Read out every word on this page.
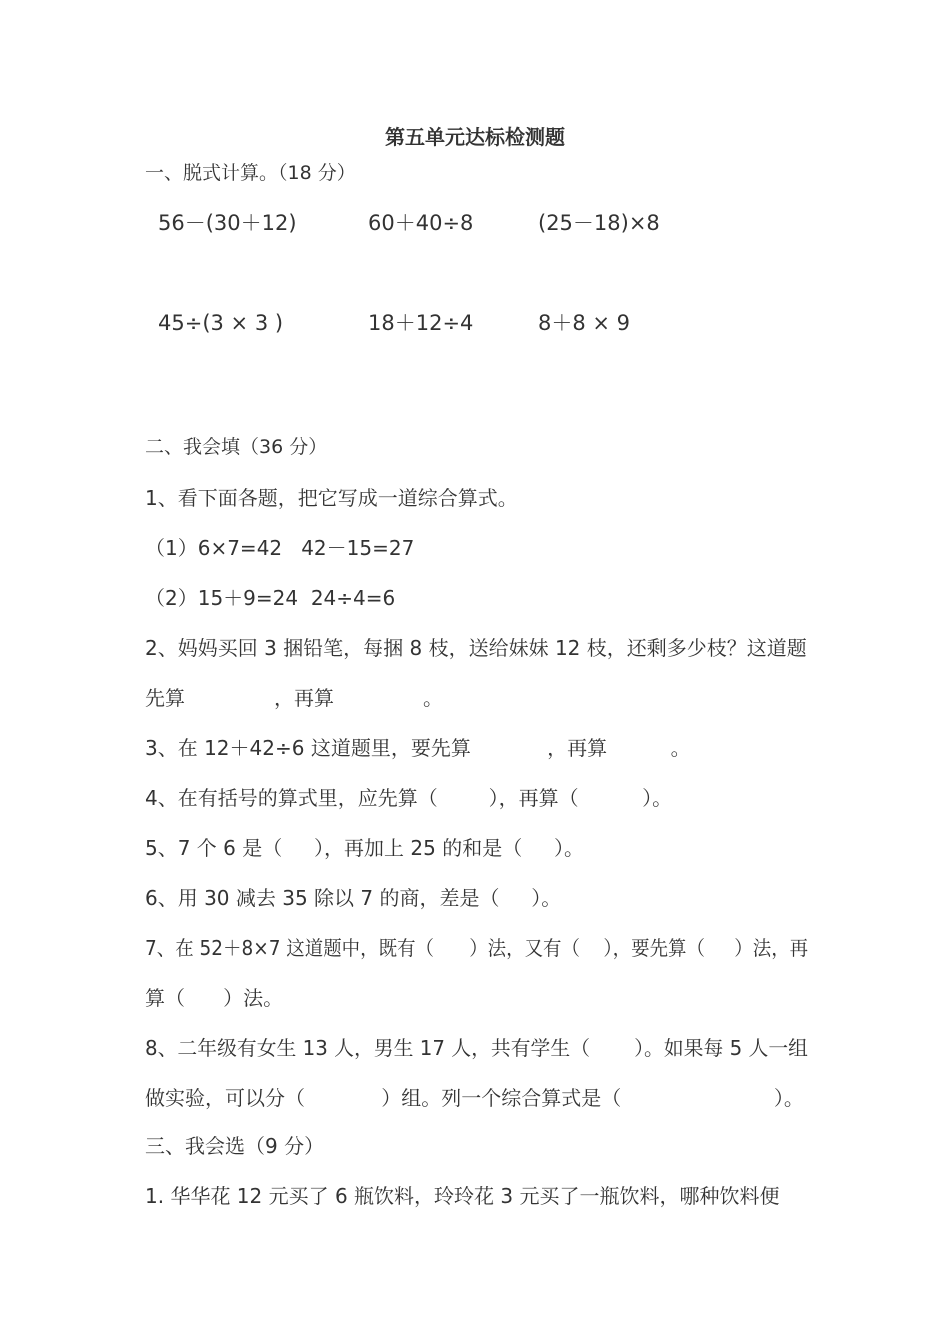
第五单元达标检测题
一、脱式计算。（18 分）
56－(30＋12)	60＋40÷8	(25－18)×8
45÷(3 × 3 )	18＋12÷4	8＋8 × 9
二、我会填（36 分）
1、看下面各题，把它写成一道综合算式。
（1）6×7=42   42－15=27
（2）15＋9=24  24÷4=6
2、妈妈买回 3 捆铅笔，每捆 8 枝，送给妹妹 12 枝，还剩多少枝？这道题
先算              ，再算              。
3、在 12＋42÷6 这道题里，要先算            ，再算          。
4、在有括号的算式里，应先算（        ），再算（          ）。
5、7 个 6 是（     ），再加上 25 的和是（     ）。
6、用 30 减去 35 除以 7 的商，差是（     ）。
7、在 52＋8×7 这道题中，既有（      ）法，又有（    ），要先算（     ）法，再
算（      ）法。
8、二年级有女生 13 人，男生 17 人，共有学生（       ）。如果每 5 人一组
做实验，可以分（            ）组。列一个综合算式是（                        ）。
三、我会选（9 分）
1. 华华花 12 元买了 6 瓶饮料，玲玲花 3 元买了一瓶饮料，哪种饮料便
